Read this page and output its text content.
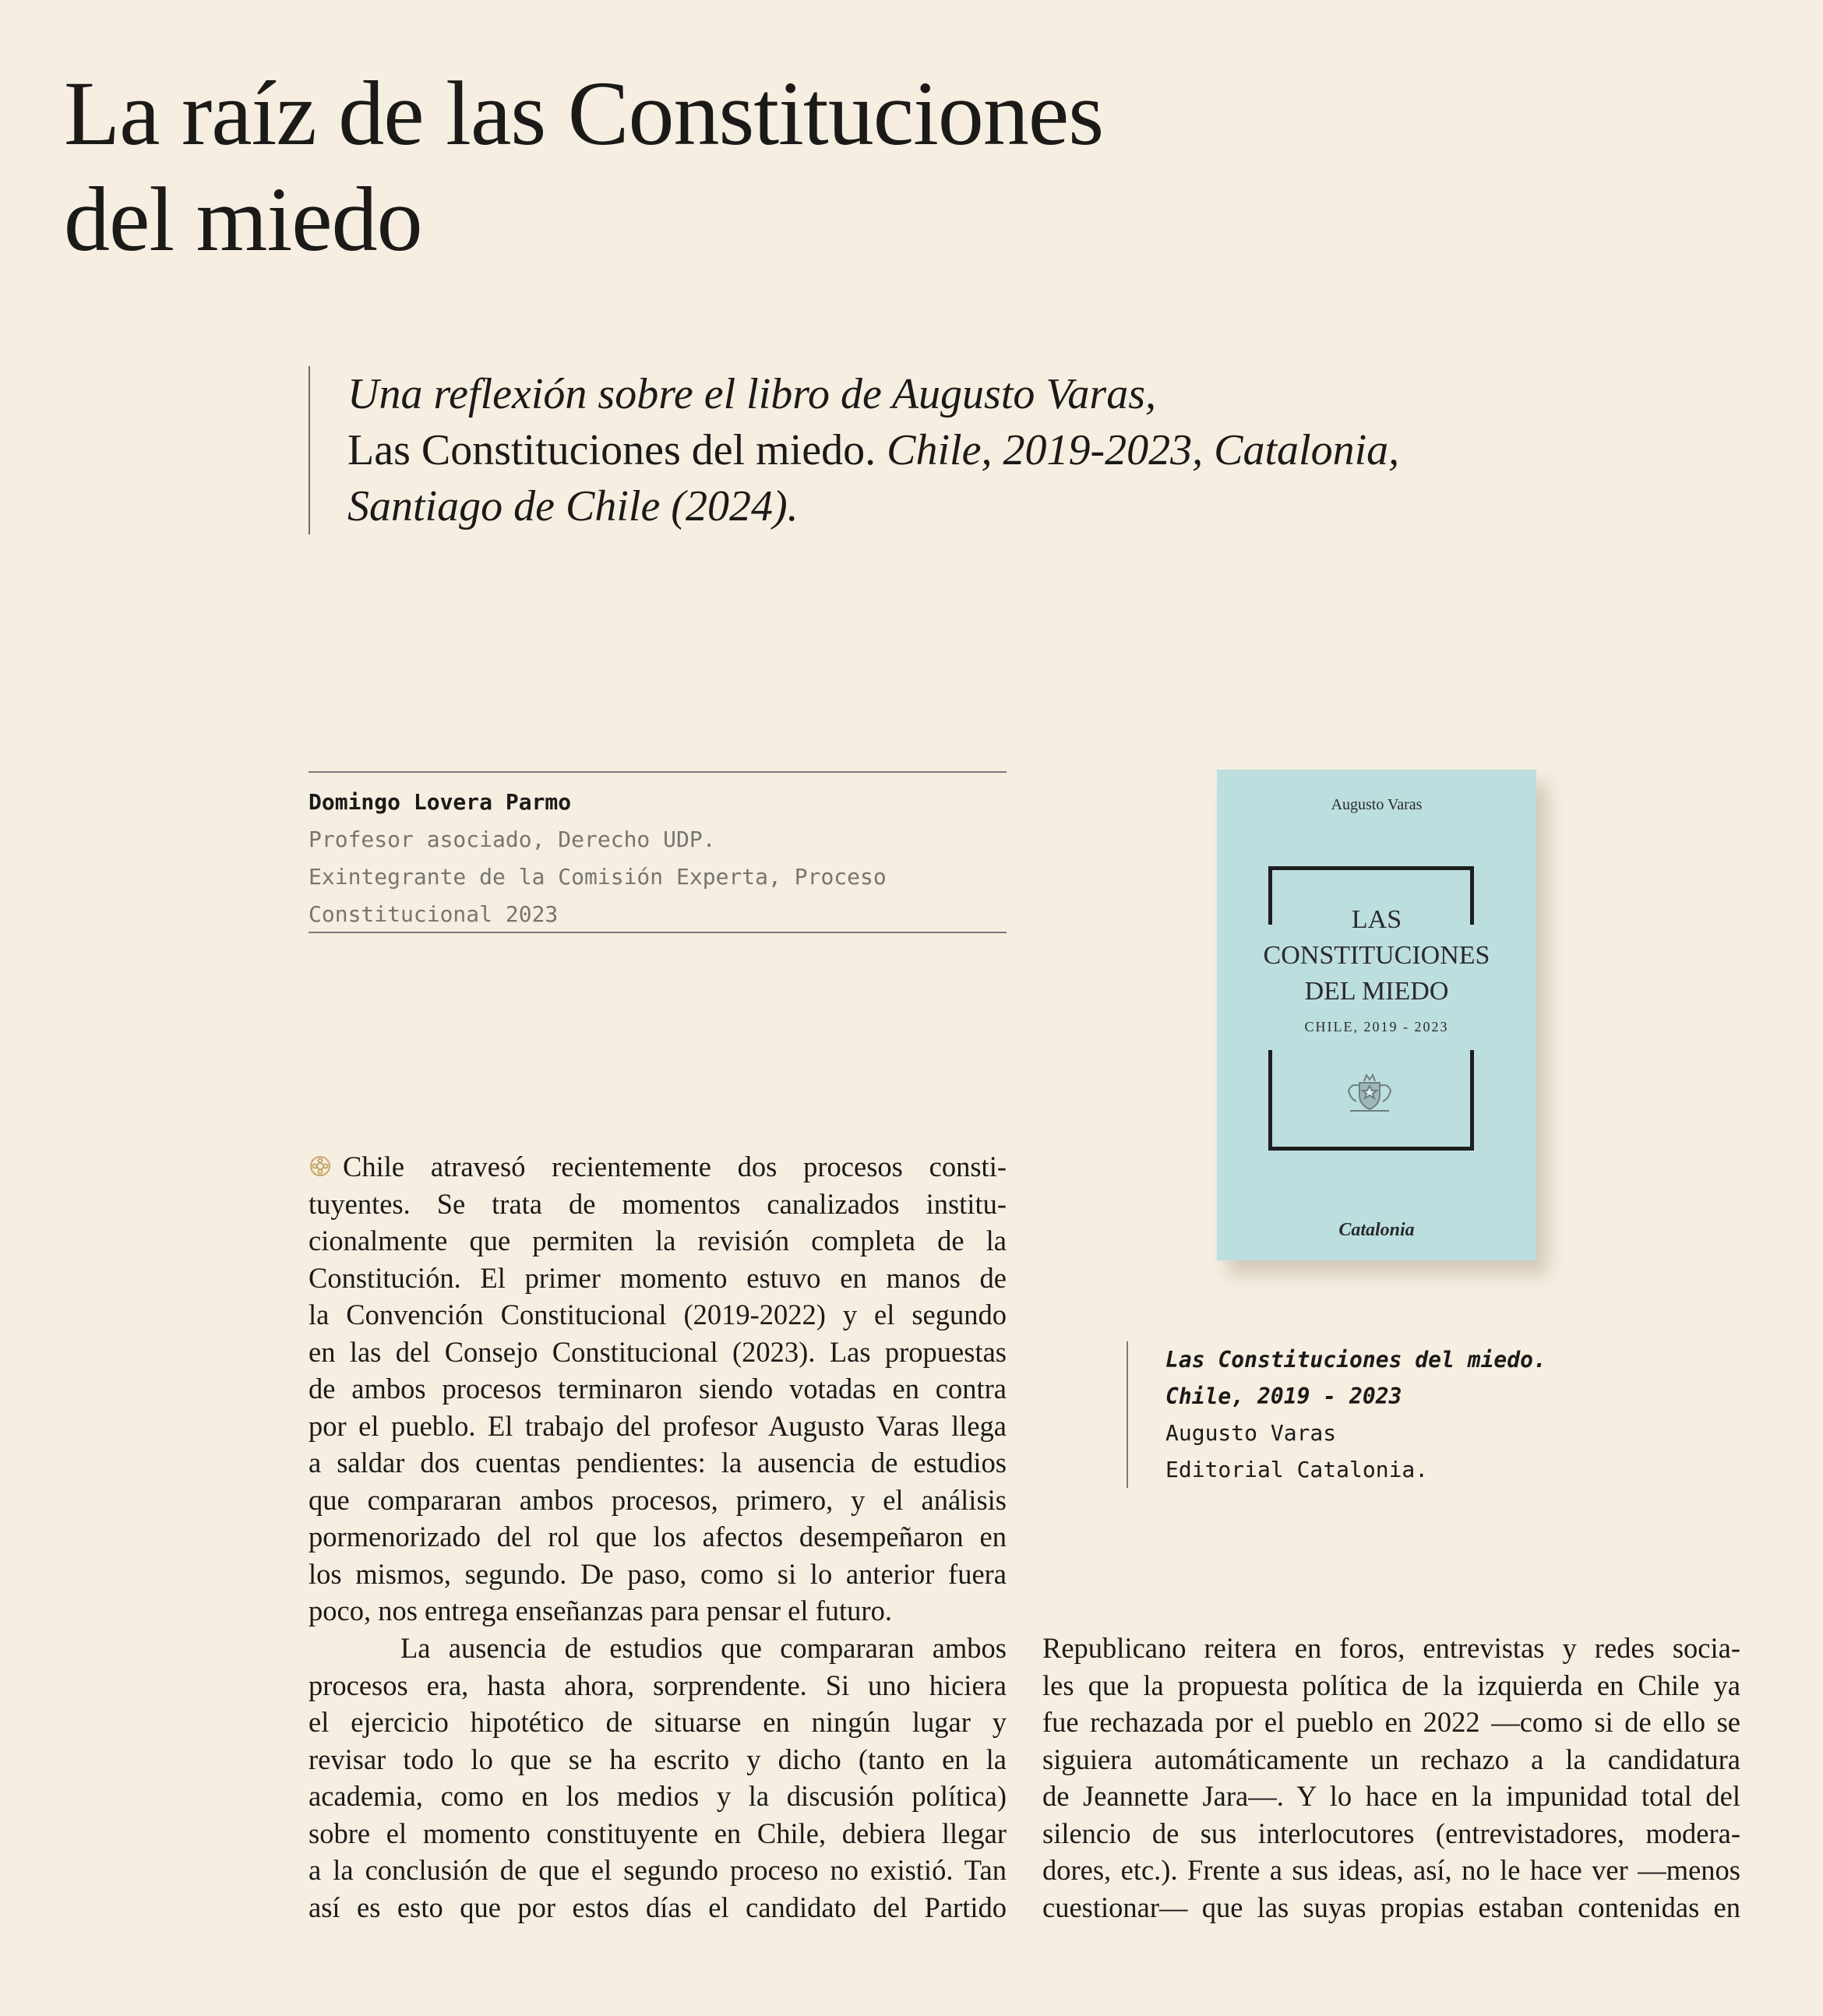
La raíz de las Constituciones
del miedo
Una reflexión sobre el libro de Augusto Varas,
Las Constituciones del miedo. Chile, 2019-2023, Catalonia,
Santiago de Chile (2024).
Domingo Lovera Parmo
Profesor asociado, Derecho UDP.
Exintegrante de la Comisión Experta, Proceso
Constitucional 2023
Augusto Varas
LAS
CONSTITUCIONES
DEL MIEDO
CHILE, 2019 - 2023
Catalonia
Las Constituciones del miedo.
Chile, 2019 - 2023
Augusto Varas
Editorial Catalonia.
Chile atravesó recientemente dos procesos consti-
tuyentes. Se trata de momentos canalizados institu-
cionalmente que permiten la revisión completa de la
Constitución. El primer momento estuvo en manos de
la Convención Constitucional (2019-2022) y el segundo
en las del Consejo Constitucional (2023). Las propuestas
de ambos procesos terminaron siendo votadas en contra
por el pueblo. El trabajo del profesor Augusto Varas llega
a saldar dos cuentas pendientes: la ausencia de estudios
que compararan ambos procesos, primero, y el análisis
pormenorizado del rol que los afectos desempeñaron en
los mismos, segundo. De paso, como si lo anterior fuera
poco, nos entrega enseñanzas para pensar el futuro.
La ausencia de estudios que compararan ambos
procesos era, hasta ahora, sorprendente. Si uno hiciera
el ejercicio hipotético de situarse en ningún lugar y
revisar todo lo que se ha escrito y dicho (tanto en la
academia, como en los medios y la discusión política)
sobre el momento constituyente en Chile, debiera llegar
a la conclusión de que el segundo proceso no existió. Tan
así es esto que por estos días el candidato del Partido
Republicano reitera en foros, entrevistas y redes socia-
les que la propuesta política de la izquierda en Chile ya
fue rechazada por el pueblo en 2022 —como si de ello se
siguiera automáticamente un rechazo a la candidatura
de Jeannette Jara—. Y lo hace en la impunidad total del
silencio de sus interlocutores (entrevistadores, modera-
dores, etc.). Frente a sus ideas, así, no le hace ver —menos
cuestionar— que las suyas propias estaban contenidas en
